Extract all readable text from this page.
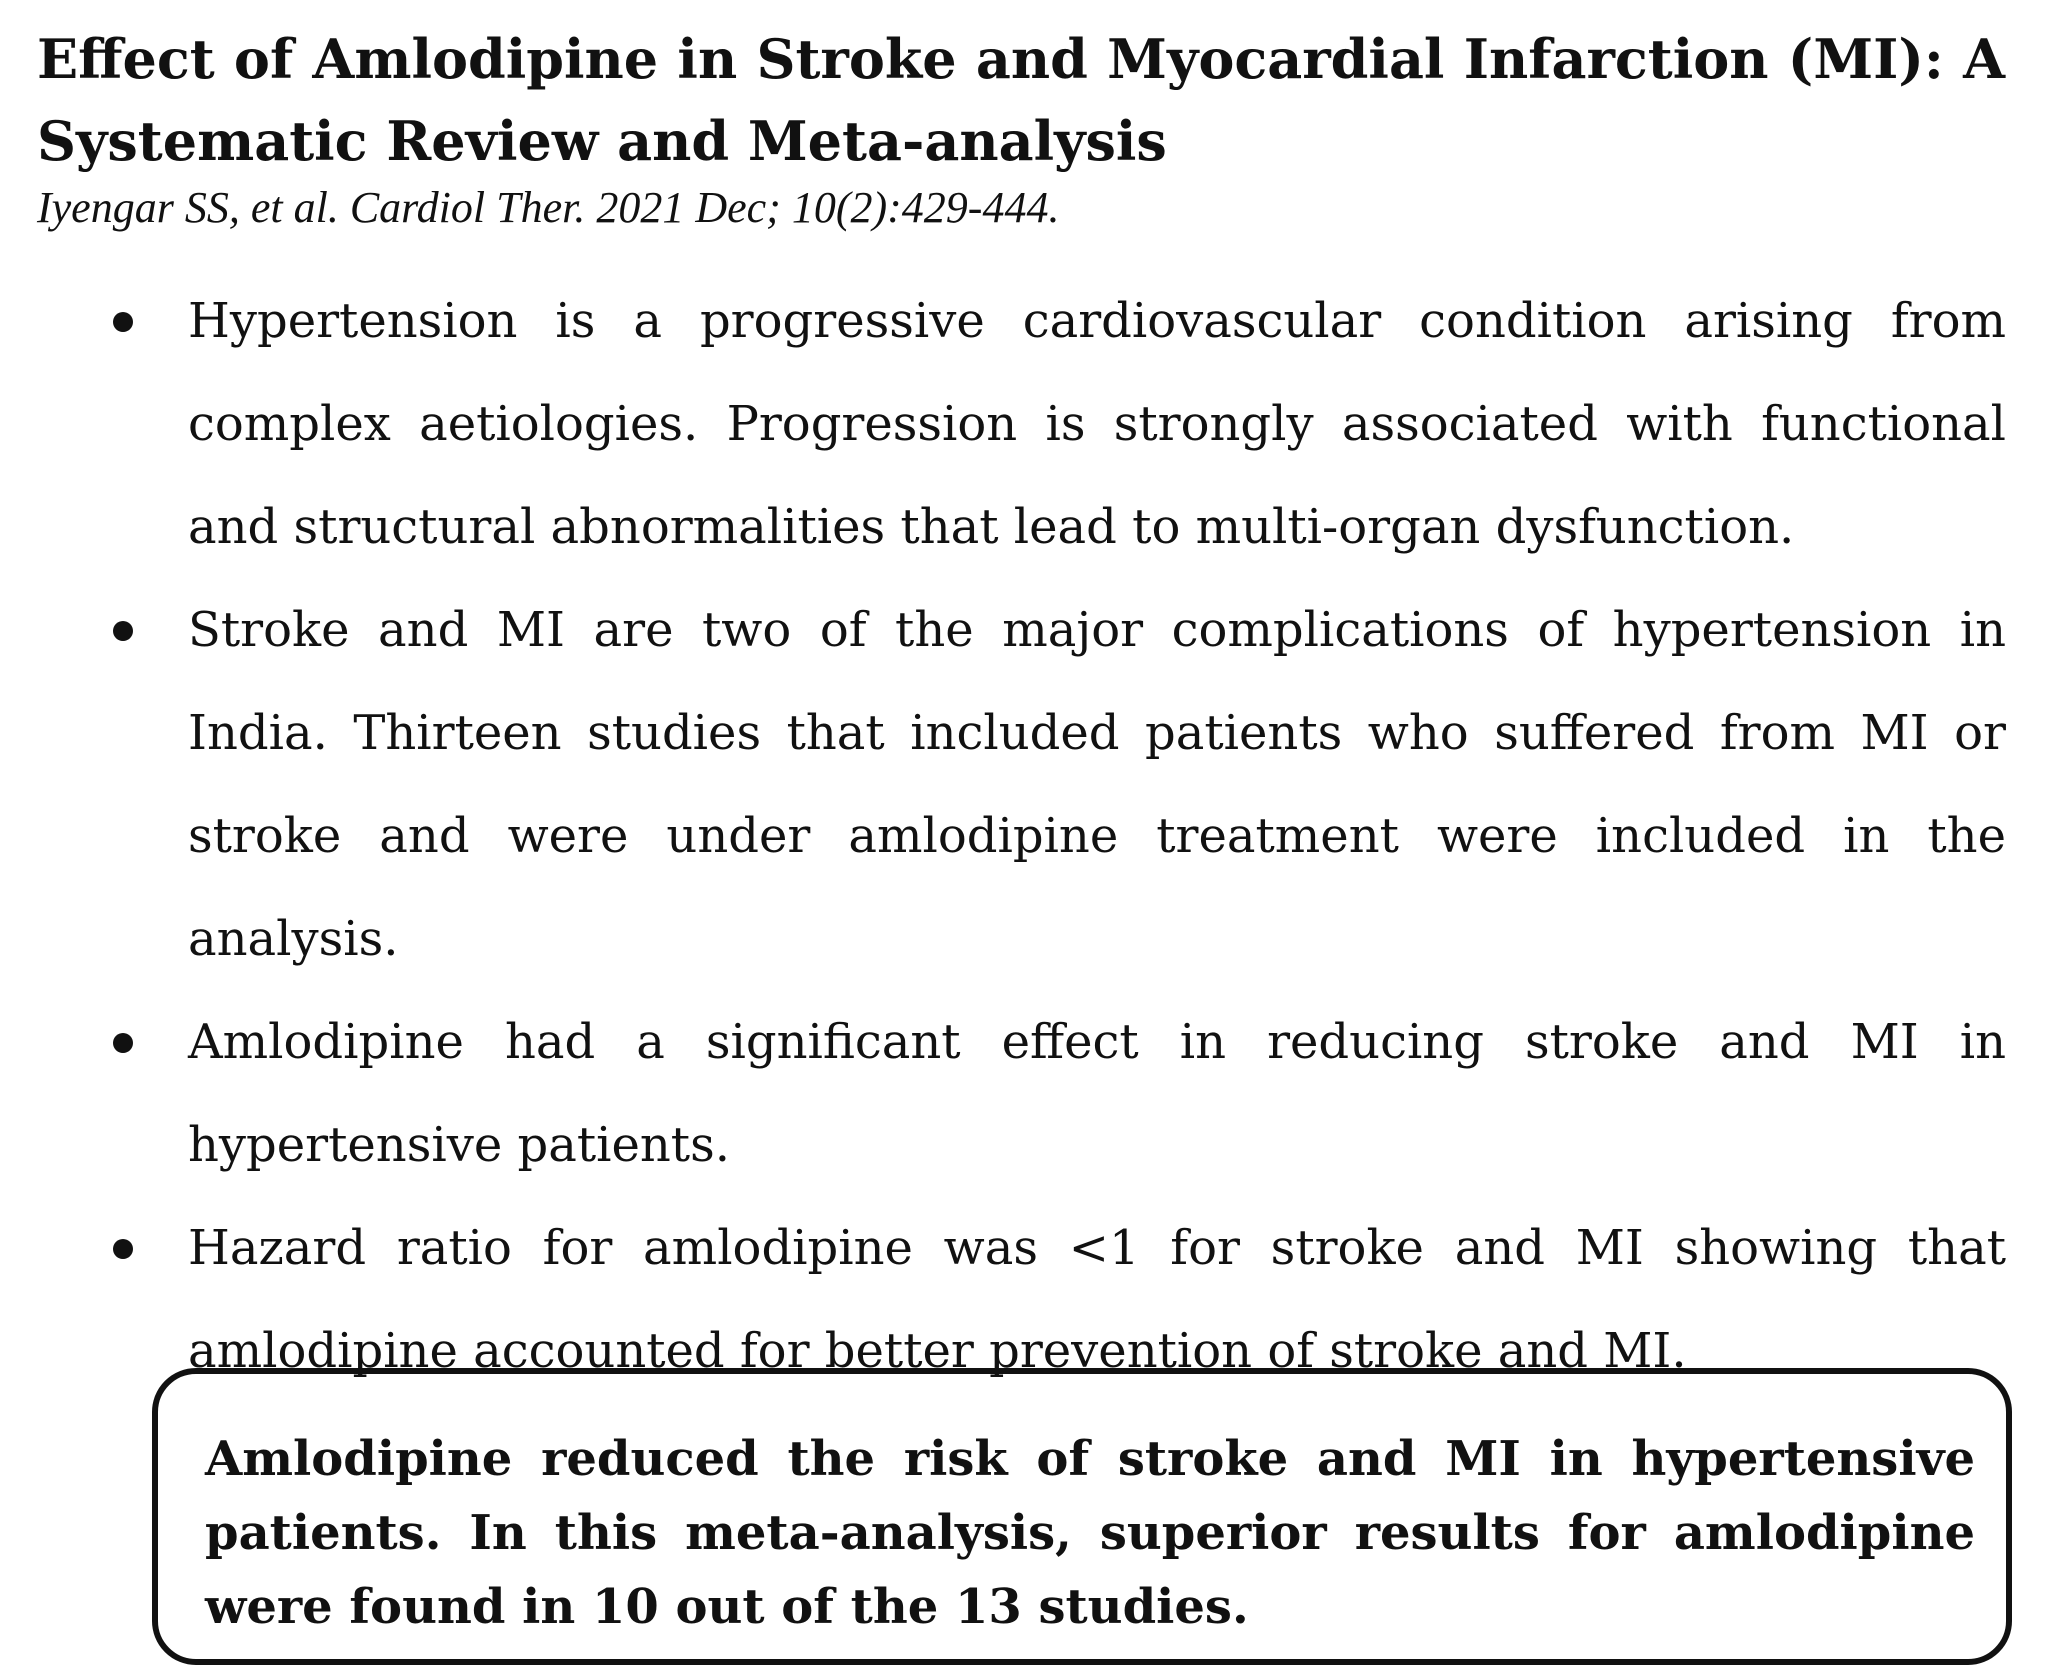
Effect of Amlodipine in Stroke and Myocardial Infarction (MI): A Systematic Review and Meta-analysis

Iyengar SS, et al. Cardiol Ther. 2021 Dec; 10(2):429-444.

Hypertension is a progressive cardiovascular condition arising from complex aetiologies. Progression is strongly associated with functional and structural abnormalities that lead to multi-organ dysfunction.
Stroke and MI are two of the major complications of hypertension in India. Thirteen studies that included patients who suffered from MI or stroke and were under amlodipine treatment were included in the analysis.
Amlodipine had a significant effect in reducing stroke and MI in hypertensive patients.
Hazard ratio for amlodipine was <1 for stroke and MI showing that amlodipine accounted for better prevention of stroke and MI.

Amlodipine reduced the risk of stroke and MI in hypertensive patients. In this meta-analysis, superior results for amlodipine were found in 10 out of the 13 studies.
